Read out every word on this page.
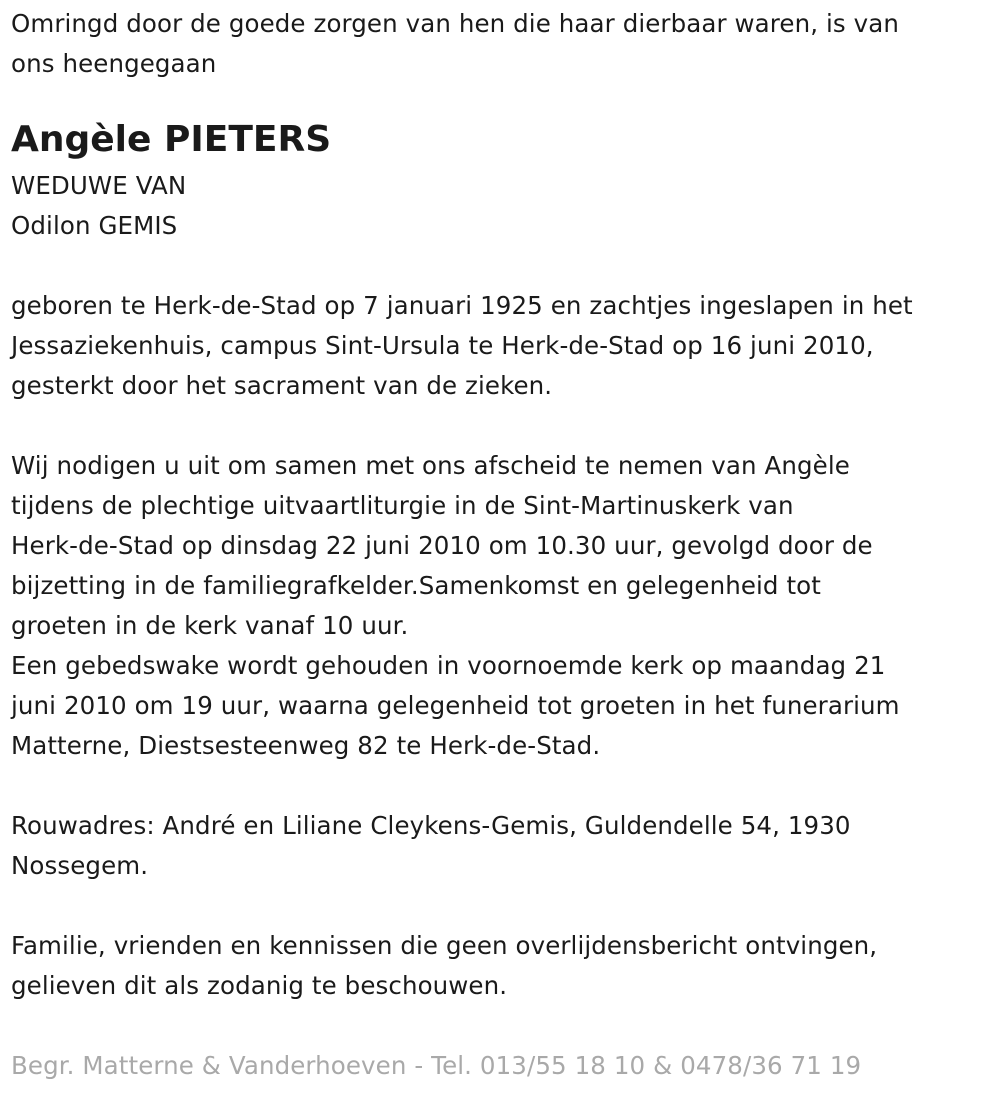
Omringd door de goede zorgen van hen die haar dierbaar waren, is van
ons heengegaan
Angèle PIETERS
WEDUWE VAN
Odilon GEMIS
geboren te Herk-de-Stad op 7 januari 1925 en zachtjes ingeslapen in het
Jessaziekenhuis, campus Sint-Ursula te Herk-de-Stad op 16 juni 2010,
gesterkt door het sacrament van de zieken.
Wij nodigen u uit om samen met ons afscheid te nemen van Angèle
tijdens de plechtige uitvaartliturgie in de Sint-Martinuskerk van
Herk-de-Stad op dinsdag 22 juni 2010 om 10.30 uur, gevolgd door de
bijzetting in de familiegrafkelder.Samenkomst en gelegenheid tot
groeten in de kerk vanaf 10 uur.
Een gebedswake wordt gehouden in voornoemde kerk op maandag 21
juni 2010 om 19 uur, waarna gelegenheid tot groeten in het funerarium
Matterne, Diestsesteenweg 82 te Herk-de-Stad.
Rouwadres: André en Liliane Cleykens-Gemis, Guldendelle 54, 1930
Nossegem.
Familie, vrienden en kennissen die geen overlijdensbericht ontvingen,
gelieven dit als zodanig te beschouwen.
Begr. Matterne & Vanderhoeven - Tel. 013/55 18 10 & 0478/36 71 19
